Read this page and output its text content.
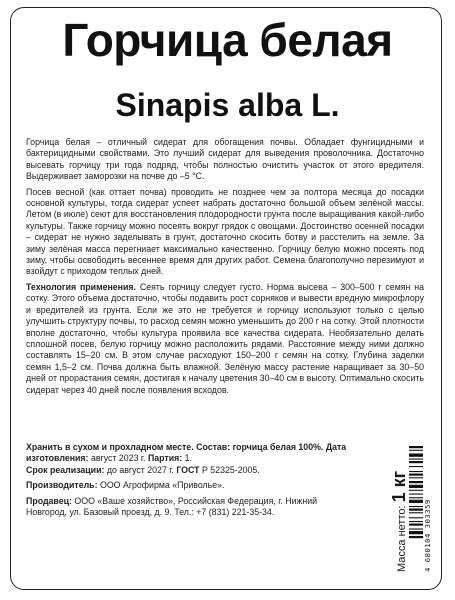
Горчица белая
Sinapis alba L.

Горчица белая – отличный сидерат для обогащения почвы. Обладает фунгицидными и бактерицидными свойствами. Это лучший сидерат для выведения проволочника. Достаточно высевать горчицу три года подряд, чтобы полностью очистить участок от этого вредителя. Выдерживает заморозки на почве до –5 °С.

Посев весной (как оттает почва) проводить не позднее чем за полтора месяца до посадки основной культуры, тогда сидерат успеет набрать достаточно большой объем зелёной массы. Летом (в июле) сеют для восстановления плодородности грунта после выращивания какой-либо культуры. Также горчицу можно посеять вокруг грядок с овощами. Достоинство осенней посадки – сидерат не нужно заделывать в грунт, достаточно скосить ботву и расстелить на земле. За зиму зелёная масса перегниает максимально качественно. Горчицу белую можно посеять под зиму, чтобы освободить весеннее время для других работ. Семена благополучно перезимуют и взойдут с приходом теплых дней.

Технология применения. Сеять горчицу следует густо. Норма высева – 300–500 г семян на сотку. Этого объема достаточно, чтобы подавить рост сорняков и вывести вредную микрофлору и вредителей из грунта. Если же это не требуется и горчицу используют только с целью улучшить структуру почвы, то расход семян можно уменьшить до 200 г на сотку. Этой плотности вполне достаточно, чтобы культура проявила все качества сидерата. Необязательно делать сплошной посев, белую горчицу можно расположить рядами. Расстояние между ними должно составлять 15–20 см. В этом случае расходуют 150–200 г семян на сотку. Глубина заделки семян 1,5–2 см. Почва должна быть влажной. Зелёную массу растение наращивает за 30–50 дней от прорастания семян, достигая к началу цветения 30–40 см в высоту. Оптимально скосить сидерат через 40 дней после появления всходов.

Хранить в сухом и прохладном месте. Состав: горчица белая 100%. Дата изготовления: август 2023 г. Партия: 1.
Срок реализации: до август 2027 г. ГОСТ Р 52325-2005.

Производитель: ООО Агрофирма «Приволье».

Продавец: ООО «Ваше хозяйство», Российская Федерация, г. Нижний Новгород, ул. Базовый проезд, д. 9. Тел.: +7 (831) 221-35-34.	Масса нетто: 1 кг
4 680104 303359
